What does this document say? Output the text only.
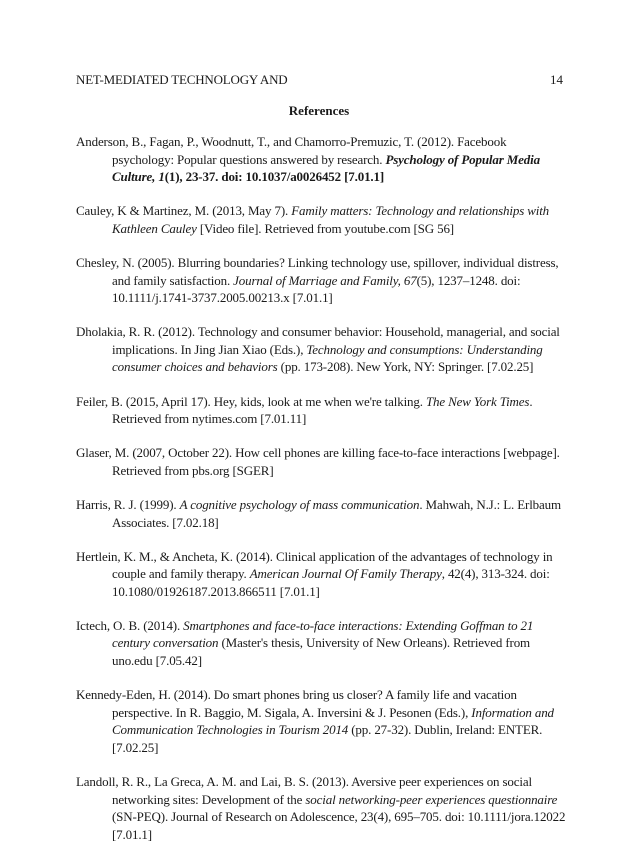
NET-MEDIATED TECHNOLOGY AND	14
References

Anderson, B., Fagan, P., Woodnutt, T., and Chamorro-Premuzic, T. (2012). Facebook psychology: Popular questions answered by research. Psychology of Popular Media Culture, 1(1), 23-37. doi: 10.1037/a0026452 [7.01.1]

Cauley, K & Martinez, M. (2013, May 7). Family matters: Technology and relationships with Kathleen Cauley [Video file]. Retrieved from youtube.com [SG 56]

Chesley, N. (2005). Blurring boundaries? Linking technology use, spillover, individual distress, and family satisfaction. Journal of Marriage and Family, 67(5), 1237–1248. doi: 10.1111/j.1741-3737.2005.00213.x [7.01.1]

Dholakia, R. R. (2012). Technology and consumer behavior: Household, managerial, and social implications. In Jing Jian Xiao (Eds.), Technology and consumptions: Understanding consumer choices and behaviors (pp. 173-208). New York, NY: Springer. [7.02.25]

Feiler, B. (2015, April 17). Hey, kids, look at me when we're talking. The New York Times. Retrieved from nytimes.com [7.01.11]

Glaser, M. (2007, October 22). How cell phones are killing face-to-face interactions [webpage]. Retrieved from pbs.org [SGER]

Harris, R. J. (1999). A cognitive psychology of mass communication. Mahwah, N.J.: L. Erlbaum Associates. [7.02.18]

Hertlein, K. M., & Ancheta, K. (2014). Clinical application of the advantages of technology in couple and family therapy. American Journal Of Family Therapy, 42(4), 313-324. doi: 10.1080/01926187.2013.866511 [7.01.1]

Ictech, O. B. (2014). Smartphones and face-to-face interactions: Extending Goffman to 21 century conversation (Master's thesis, University of New Orleans). Retrieved from uno.edu [7.05.42]

Kennedy-Eden, H. (2014). Do smart phones bring us closer? A family life and vacation perspective. In R. Baggio, M. Sigala, A. Inversini & J. Pesonen (Eds.), Information and Communication Technologies in Tourism 2014 (pp. 27-32). Dublin, Ireland: ENTER. [7.02.25]

Landoll, R. R., La Greca, A. M. and Lai, B. S. (2013). Aversive peer experiences on social networking sites: Development of the social networking-peer experiences questionnaire (SN-PEQ). Journal of Research on Adolescence, 23(4), 695–705. doi: 10.1111/jora.12022 [7.01.1]
